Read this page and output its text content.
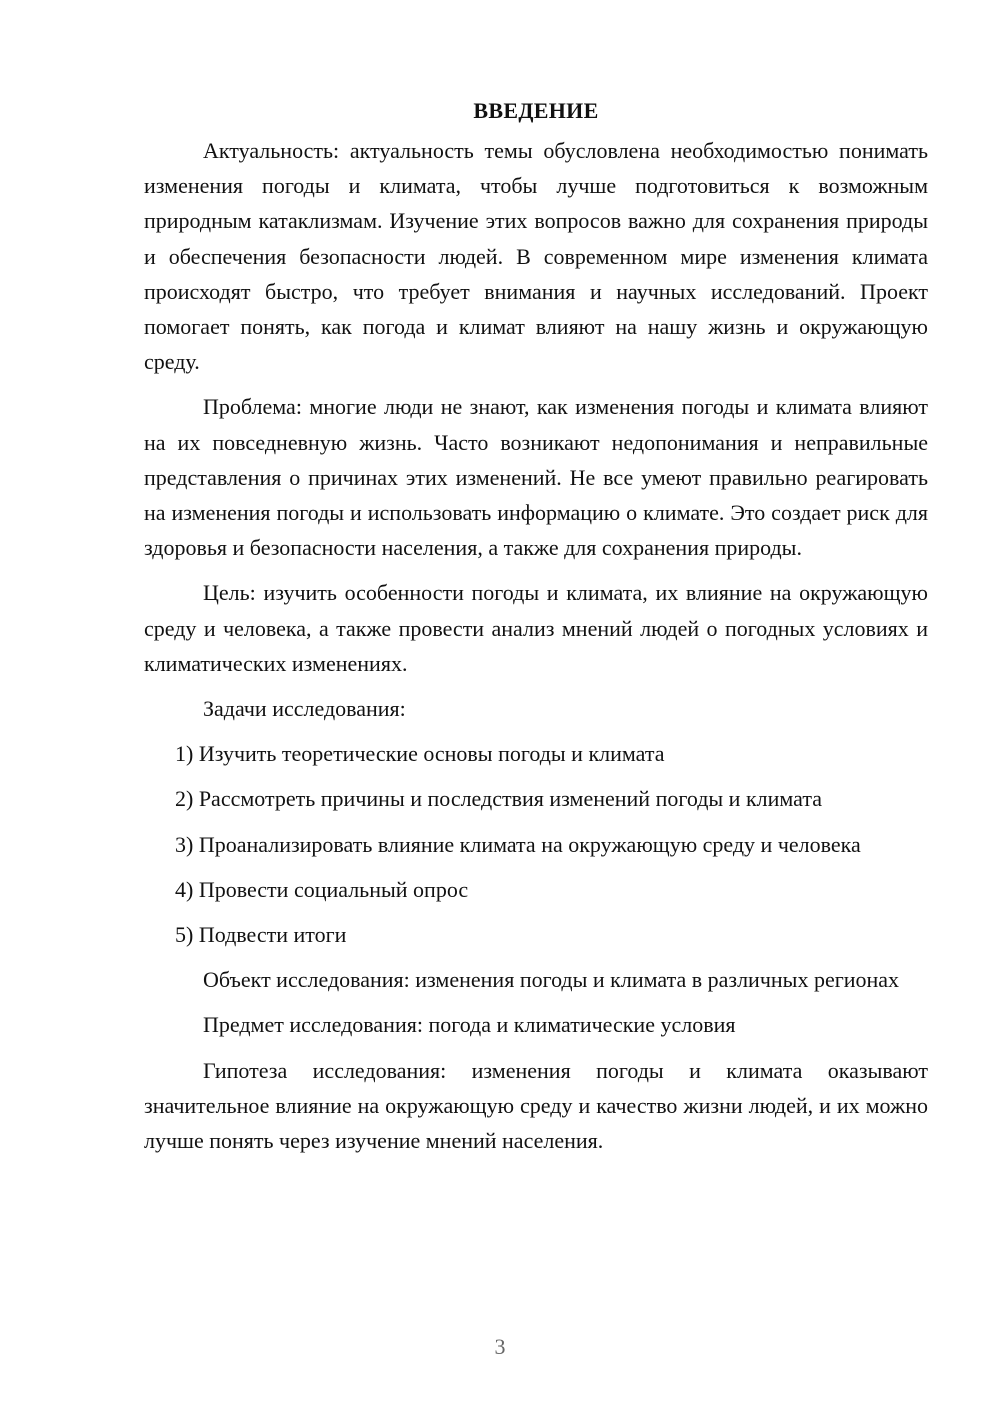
ВВЕДЕНИЕ

Актуальность: актуальность темы обусловлена необходимостью понимать изменения погоды и климата, чтобы лучше подготовиться к возможным природным катаклизмам. Изучение этих вопросов важно для сохранения природы и обеспечения безопасности людей. В современном мире изменения климата происходят быстро, что требует внимания и научных исследований. Проект помогает понять, как погода и климат влияют на нашу жизнь и окружающую среду.

Проблема: многие люди не знают, как изменения погоды и климата влияют на их повседневную жизнь. Часто возникают недопонимания и неправильные представления о причинах этих изменений. Не все умеют правильно реагировать на изменения погоды и использовать информацию о климате. Это создает риск для здоровья и безопасности населения, а также для сохранения природы.

Цель: изучить особенности погоды и климата, их влияние на окружающую среду и человека, а также провести анализ мнений людей о погодных условиях и климатических изменениях.

Задачи исследования:

1) Изучить теоретические основы погоды и климата

2) Рассмотреть причины и последствия изменений погоды и климата

3) Проанализировать влияние климата на окружающую среду и человека

4) Провести социальный опрос

5) Подвести итоги

Объект исследования: изменения погоды и климата в различных регионах

Предмет исследования: погода и климатические условия

Гипотеза исследования: изменения погоды и климата оказывают значительное влияние на окружающую среду и качество жизни людей, и их можно лучше понять через изучение мнений населения.

3
